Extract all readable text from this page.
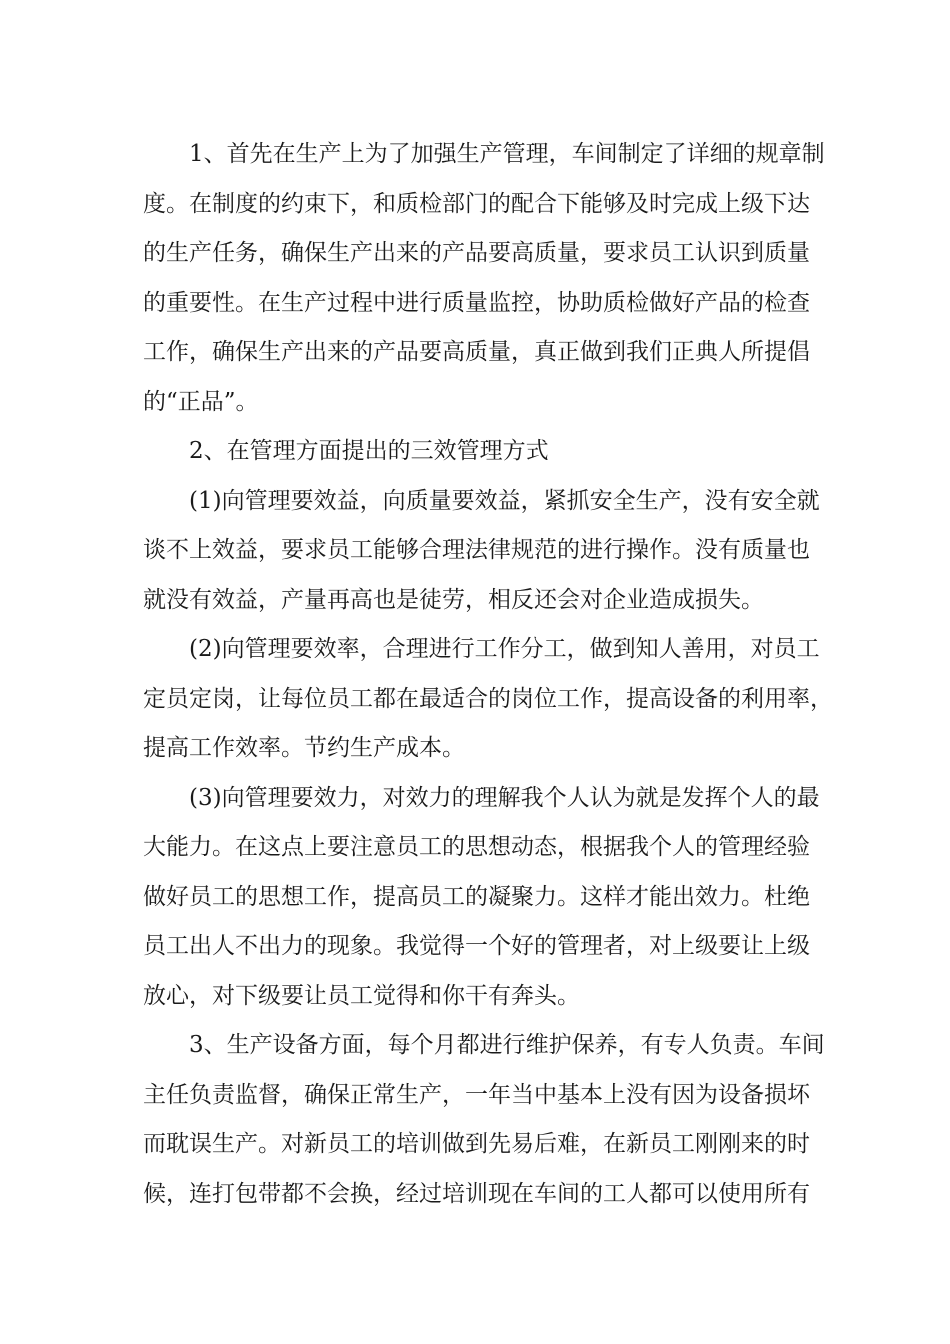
1、首先在生产上为了加强生产管理，车间制定了详细的规章制
度。在制度的约束下，和质检部门的配合下能够及时完成上级下达
的生产任务，确保生产出来的产品要高质量，要求员工认识到质量
的重要性。在生产过程中进行质量监控，协助质检做好产品的检查
工作，确保生产出来的产品要高质量，真正做到我们正典人所提倡
的“正品”。
2、在管理方面提出的三效管理方式
(1)向管理要效益，向质量要效益，紧抓安全生产，没有安全就
谈不上效益，要求员工能够合理法律规范的进行操作。没有质量也
就没有效益，产量再高也是徒劳，相反还会对企业造成损失。
(2)向管理要效率，合理进行工作分工，做到知人善用，对员工
定员定岗，让每位员工都在最适合的岗位工作，提高设备的利用率，
提高工作效率。节约生产成本。
(3)向管理要效力，对效力的理解我个人认为就是发挥个人的最
大能力。在这点上要注意员工的思想动态，根据我个人的管理经验
做好员工的思想工作，提高员工的凝聚力。这样才能出效力。杜绝
员工出人不出力的现象。我觉得一个好的管理者，对上级要让上级
放心，对下级要让员工觉得和你干有奔头。
3、生产设备方面，每个月都进行维护保养，有专人负责。车间
主任负责监督，确保正常生产，一年当中基本上没有因为设备损坏
而耽误生产。对新员工的培训做到先易后难，在新员工刚刚来的时
候，连打包带都不会换，经过培训现在车间的工人都可以使用所有
